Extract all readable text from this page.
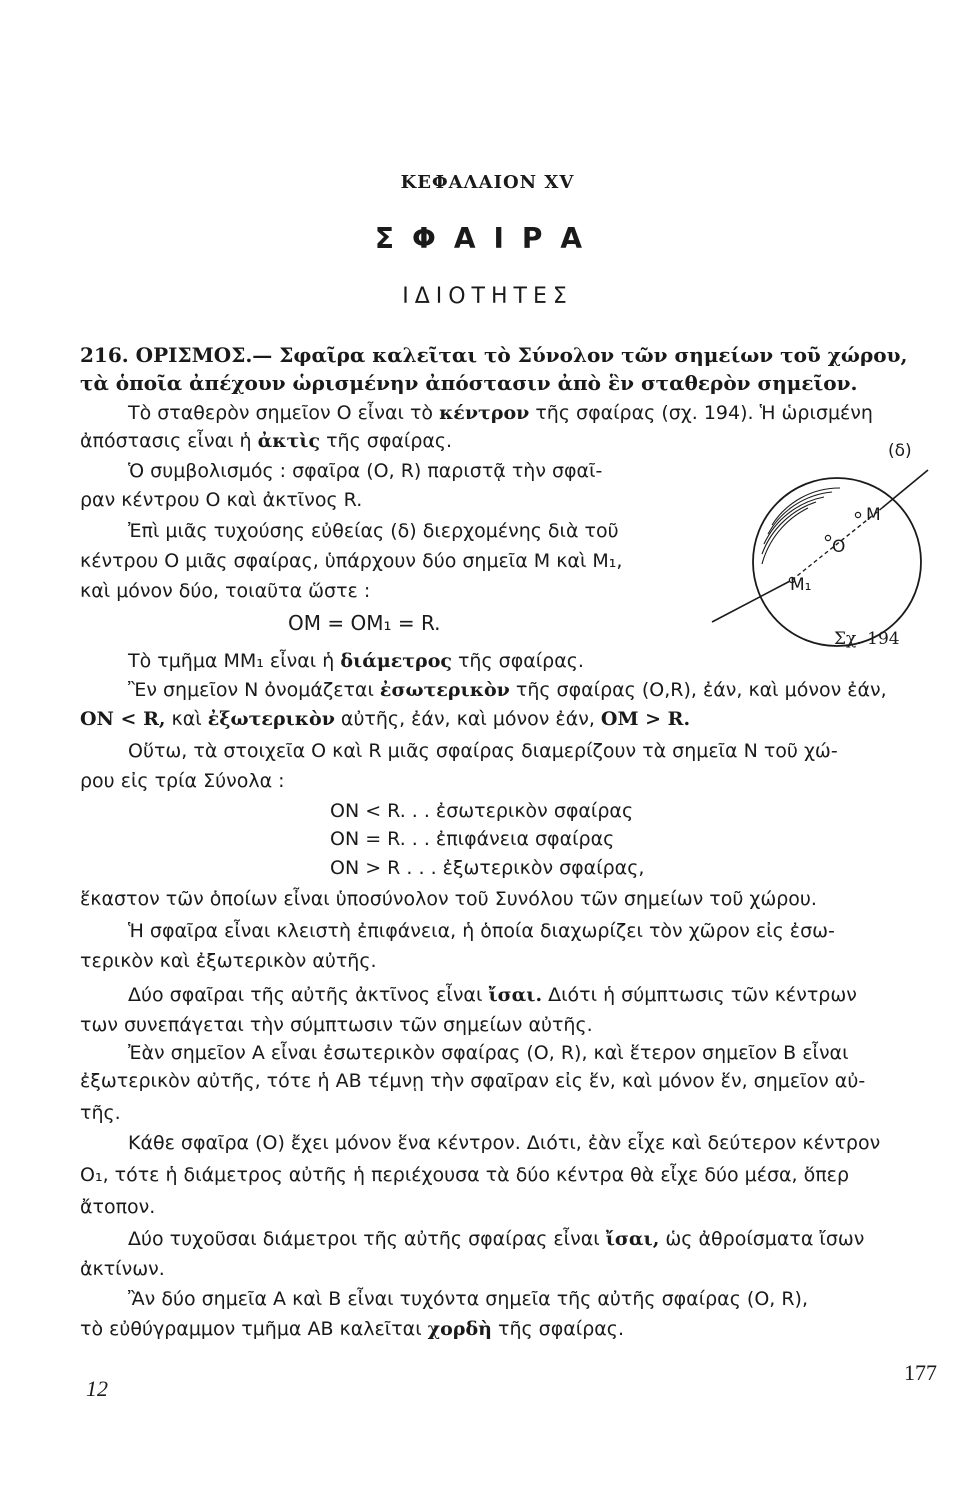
ΚΕΦΑΛΑΙΟΝ XV
ΣΦΑΙΡΑ
ΙΔΙΟΤΗΤΕΣ
216. ΟΡΙΣΜΟΣ.— Σφαῖρα καλεῖται τὸ Σύνολον τῶν σημείων τοῦ χώρου,
τὰ ὁποῖα ἀπέχουν ὡρισμένην ἀπόστασιν ἀπὸ ἓν σταθερὸν σημεῖον.
Τὸ σταθερὸν σημεῖον O εἶναι τὸ κέντρον τῆς σφαίρας (σχ. 194). Ἡ ὡρισμένη
ἀπόστασις εἶναι ἡ ἀκτὶς τῆς σφαίρας.
Ὁ συμβολισμός : σφαῖρα (O, R) παριστᾷ τὴν σφαῖ-
ραν κέντρου O καὶ ἀκτῖνος R.
Ἐπὶ μιᾶς τυχούσης εὐθείας (δ) διερχομένης διὰ τοῦ
κέντρου O μιᾶς σφαίρας, ὑπάρχουν δύο σημεῖα M καὶ M₁,
καὶ μόνον δύο, τοιαῦτα ὥστε :
OM = OM₁ = R.
(δ)
M
O
M₁
Σχ. 194
Τὸ τμῆμα MM₁ εἶναι ἡ διάμετρος τῆς σφαίρας.
Ἒν σημεῖον N ὀνομάζεται ἐσωτερικὸν τῆς σφαίρας (O,R), ἐάν, καὶ μόνον ἐάν,
ON < R, καὶ ἐξωτερικὸν αὐτῆς, ἐάν, καὶ μόνον ἐάν, OM > R.
Οὕτω, τὰ στοιχεῖα O καὶ R μιᾶς σφαίρας διαμερίζουν τὰ σημεῖα N τοῦ χώ-
ρου εἰς τρία Σύνολα :
ON < R. . . ἐσωτερικὸν σφαίρας
ON = R. . . ἐπιφάνεια σφαίρας
ON > R . . . ἐξωτερικὸν σφαίρας,
ἕκαστον τῶν ὁποίων εἶναι ὑποσύνολον τοῦ Συνόλου τῶν σημείων τοῦ χώρου.
Ἡ σφαῖρα εἶναι κλειστὴ ἐπιφάνεια, ἡ ὁποία διαχωρίζει τὸν χῶρον εἰς ἐσω-
τερικὸν καὶ ἐξωτερικὸν αὐτῆς.
Δύο σφαῖραι τῆς αὐτῆς ἀκτῖνος εἶναι ἴσαι. Διότι ἡ σύμπτωσις τῶν κέντρων
των συνεπάγεται τὴν σύμπτωσιν τῶν σημείων αὐτῆς.
Ἐὰν σημεῖον A εἶναι ἐσωτερικὸν σφαίρας (O, R), καὶ ἕτερον σημεῖον B εἶναι
ἐξωτερικὸν αὐτῆς, τότε ἡ AB τέμνῃ τὴν σφαῖραν εἰς ἕν, καὶ μόνον ἕν, σημεῖον αὐ-
τῆς.
Κάθε σφαῖρα (O) ἔχει μόνον ἕνα κέντρον. Διότι, ἐὰν εἶχε καὶ δεύτερον κέντρον
O₁, τότε ἡ διάμετρος αὐτῆς ἡ περιέχουσα τὰ δύο κέντρα θὰ εἶχε δύο μέσα, ὅπερ
ἄτοπον.
Δύο τυχοῦσαι διάμετροι τῆς αὐτῆς σφαίρας εἶναι ἴσαι, ὡς ἀθροίσματα ἴσων
ἀκτίνων.
Ἂν δύο σημεῖα A καὶ B εἶναι τυχόντα σημεῖα τῆς αὐτῆς σφαίρας (O, R),
τὸ εὐθύγραμμον τμῆμα AB καλεῖται χορδὴ τῆς σφαίρας.
12
177
